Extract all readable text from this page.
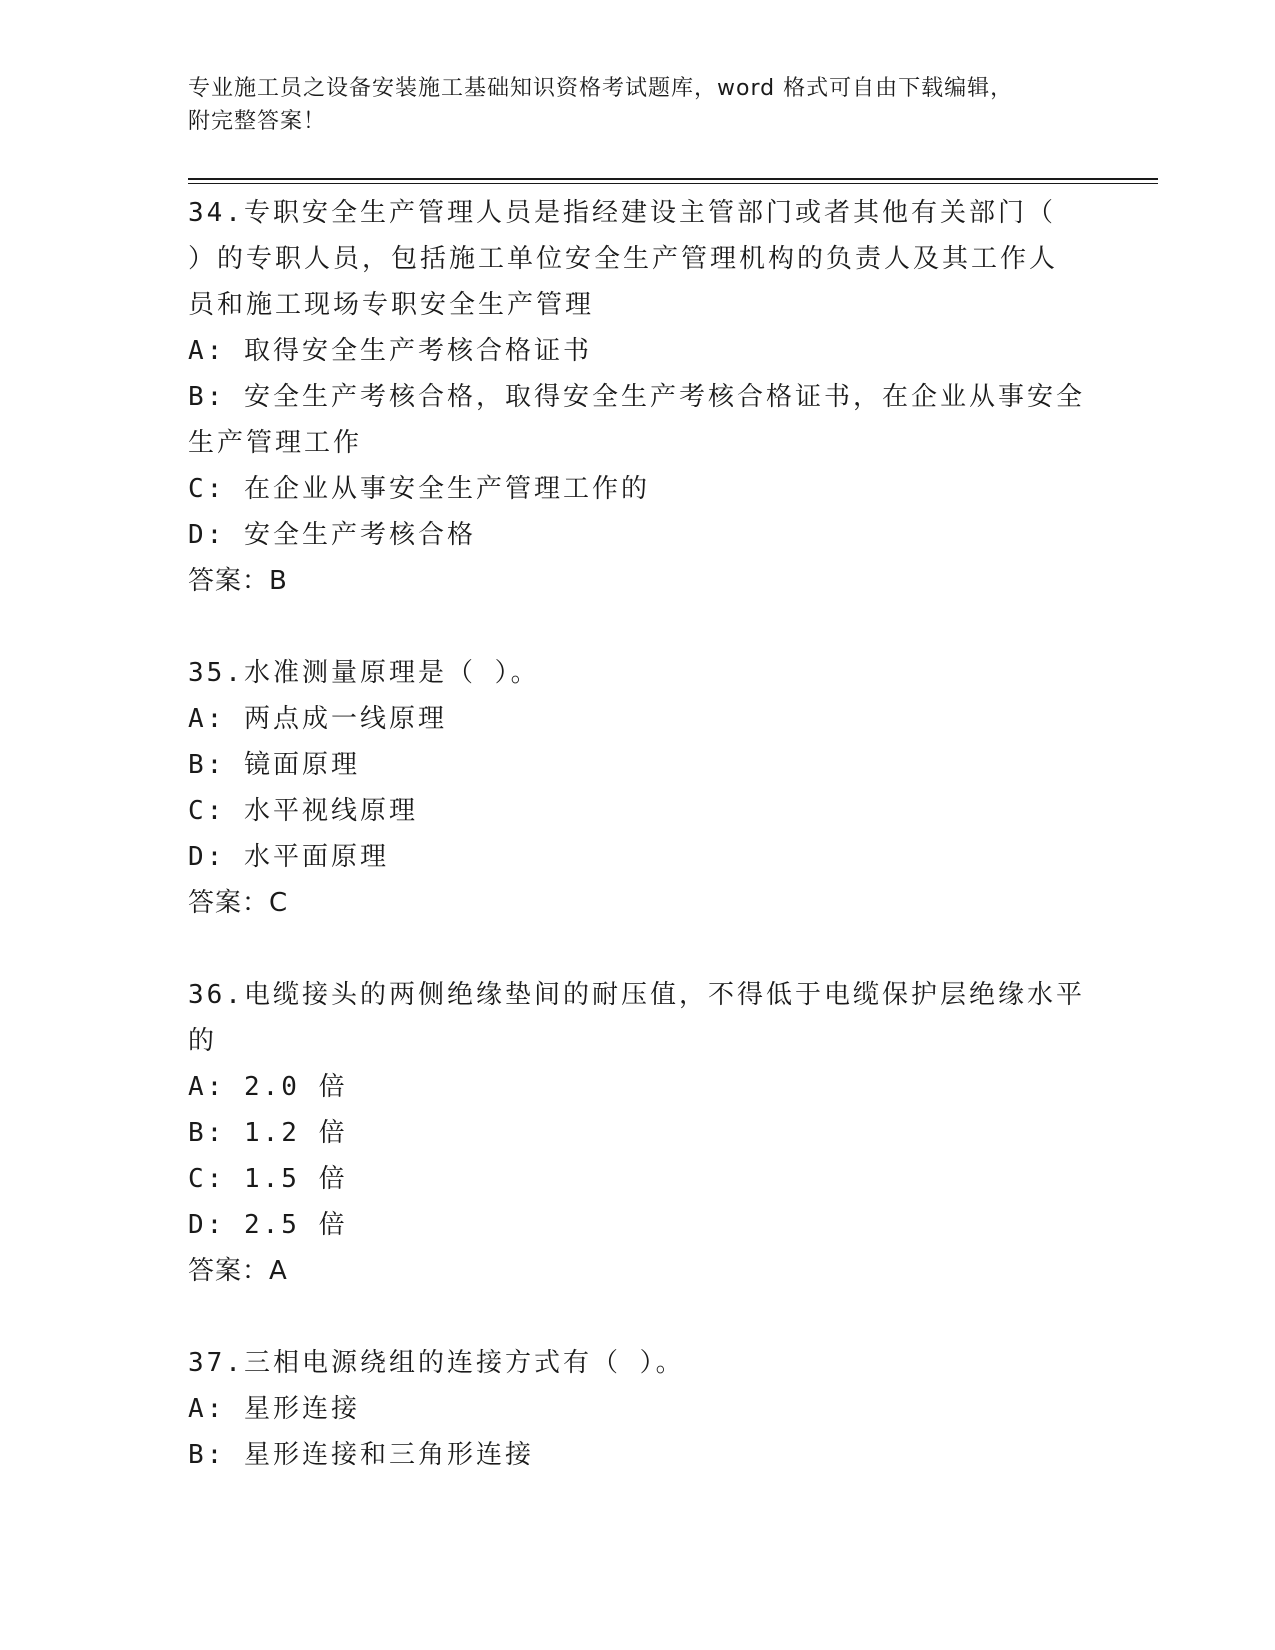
专业施工员之设备安装施工基础知识资格考试题库，word 格式可自由下载编辑，
附完整答案！
34.专职安全生产管理人员是指经建设主管部门或者其他有关部门（
）的专职人员，包括施工单位安全生产管理机构的负责人及其工作人
员和施工现场专职安全生产管理
A: 取得安全生产考核合格证书
B: 安全生产考核合格，取得安全生产考核合格证书，在企业从事安全
生产管理工作
C: 在企业从事安全生产管理工作的
D: 安全生产考核合格
答案：B
35.水准测量原理是（ ）。
A: 两点成一线原理
B: 镜面原理
C: 水平视线原理
D: 水平面原理
答案：C
36.电缆接头的两侧绝缘垫间的耐压值，不得低于电缆保护层绝缘水平
的
A: 2.0 倍
B: 1.2 倍
C: 1.5 倍
D: 2.5 倍
答案：A
37.三相电源绕组的连接方式有（ ）。
A: 星形连接
B: 星形连接和三角形连接
